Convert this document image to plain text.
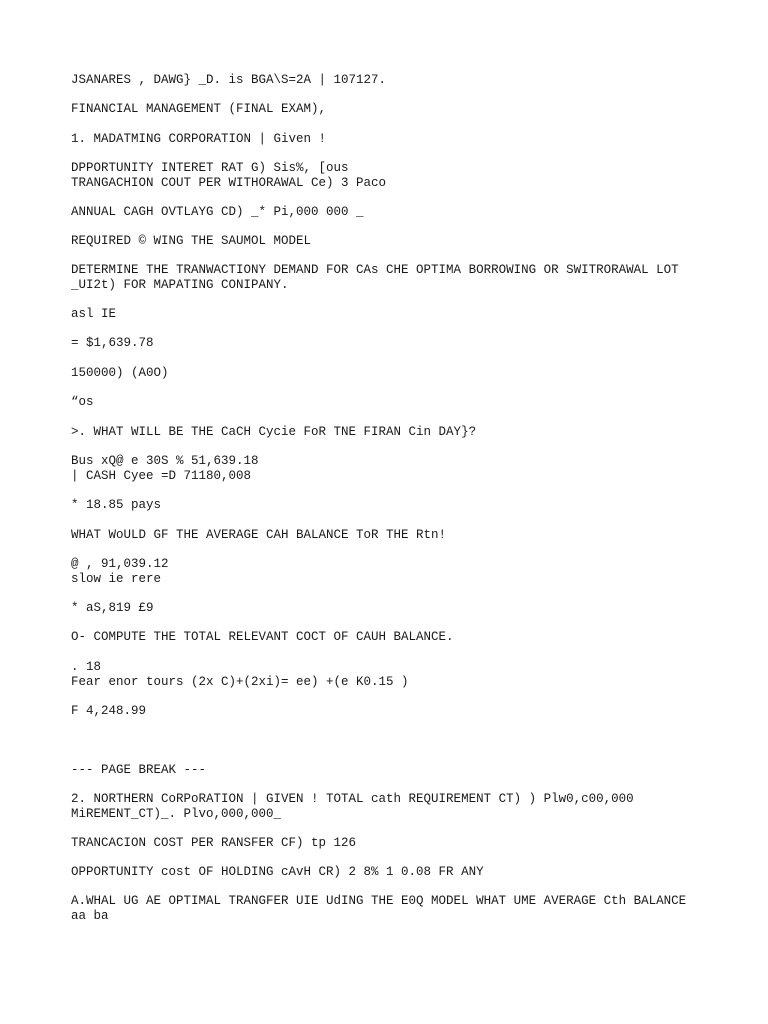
JSANARES , DAWG} _D. is BGA\S=2A | 107127.

FINANCIAL MANAGEMENT (FINAL EXAM),

1. MADATMING CORPORATION | Given !

DPPORTUNITY INTERET RAT G) Sis%, [ous

TRANGACHION COUT PER WITHORAWAL Ce) 3 Paco

ANNUAL CAGH OVTLAYG CD) _* Pi,000 000 _

REQUIRED © WING THE SAUMOL MODEL

DETERMINE THE TRANWACTIONY DEMAND FOR CAs CHE OPTIMA BORROWING OR SWITRORAWAL LOT

_UI2t) FOR MAPATING CONIPANY.

asl IE

= $1,639.78

150000) (A0O)

“os

>. WHAT WILL BE THE CaCH Cycie FoR TNE FIRAN Cin DAY}?

Bus xQ@ e 30S % 51,639.18

| CASH Cyee =D 71180,008

* 18.85 pays

WHAT WoULD GF THE AVERAGE CAH BALANCE ToR THE Rtn!

@ , 91,039.12

slow ie rere

* aS,819 £9

O- COMPUTE THE TOTAL RELEVANT COCT OF CAUH BALANCE.

. 18

Fear enor tours (2x C)+(2xi)= ee) +(e K0.15 )

F 4,248.99

--- PAGE BREAK ---

2. NORTHERN CoRPoRATION | GIVEN ! TOTAL cath REQUIREMENT CT) ) Plw0,c00,000

MiREMENT_CT)_. Plvo,000,000_

TRANCACION COST PER RANSFER CF) tp 126

OPPORTUNITY cost OF HOLDING cAvH CR) 2 8% 1 0.08 FR ANY

A.WHAL UG AE OPTIMAL TRANGFER UIE UdING THE E0Q MODEL WHAT UME AVERAGE Cth BALANCE

aa ba
